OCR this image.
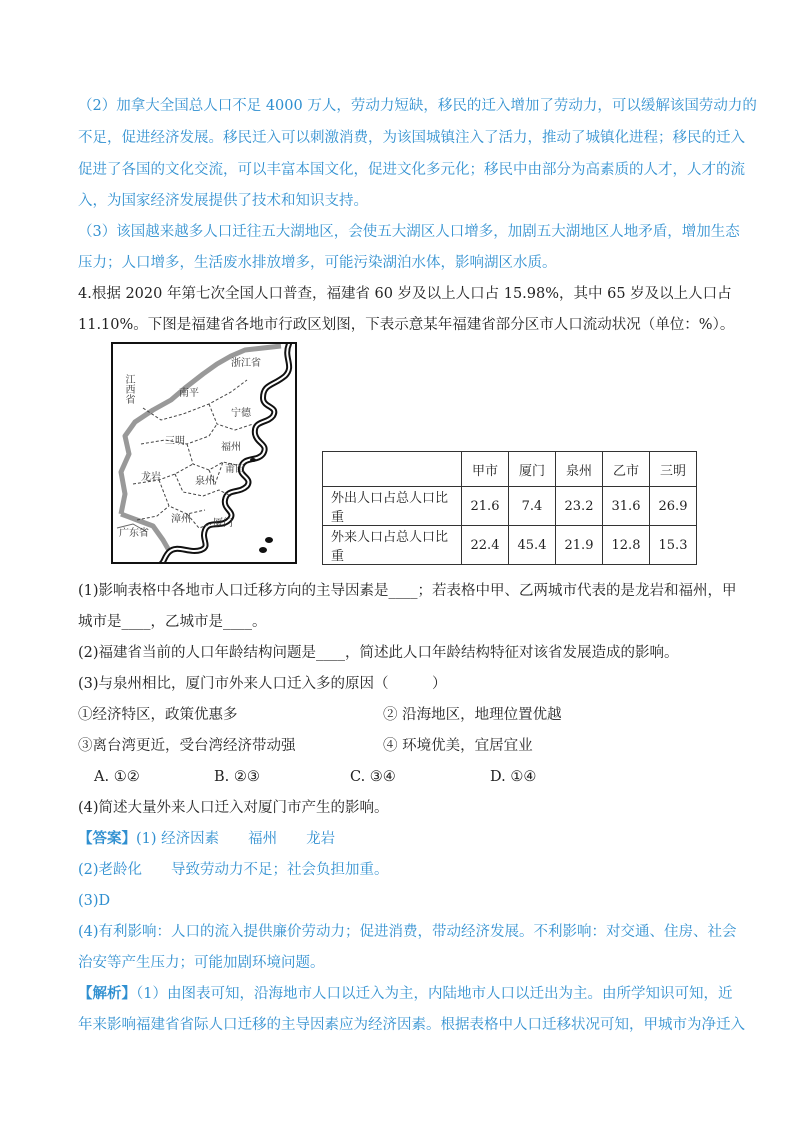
（2）加拿大全国总人口不足 4000 万人，劳动力短缺，移民的迁入增加了劳动力，可以缓解该国劳动力的
不足，促进经济发展。移民迁入可以刺激消费，为该国城镇注入了活力，推动了城镇化进程；移民的迁入
促进了各国的文化交流，可以丰富本国文化，促进文化多元化；移民中由部分为高素质的人才，人才的流
入，为国家经济发展提供了技术和知识支持。
（3）该国越来越多人口迁往五大湖地区，会使五大湖区人口增多，加剧五大湖地区人地矛盾，增加生态
压力；人口增多，生活废水排放增多，可能污染湖泊水体，影响湖区水质。
4.根据 2020 年第七次全国人口普查，福建省 60 岁及以上人口占 15.98%，其中 65 岁及以上人口占
11.10%。下图是福建省各地市行政区划图，下表示意某年福建省部分区市人口流动状况（单位：%）。
浙江省
江西省	南平
宁德
三明
福州
莆田
龙岩	泉州
漳州 厦门
广东省
	甲市	厦门	泉州	乙市	三明
外出人口占总人口比重	21.6	7.4	23.2	31.6	26.9
外来人口占总人口比重	22.4	45.4	21.9	12.8	15.3
(1)影响表格中各地市人口迁移方向的主导因素是____；若表格中甲、乙两城市代表的是龙岩和福州，甲
城市是____，乙城市是____。
(2)福建省当前的人口年龄结构问题是____，简述此人口年龄结构特征对该省发展造成的影响。
(3)与泉州相比，厦门市外来人口迁入多的原因（　　　）
①经济特区，政策优惠多	② 沿海地区，地理位置优越
③离台湾更近，受台湾经济带动强	④ 环境优美，宜居宜业
A. ①②	B. ②③	C. ③④	D. ①④
(4)简述大量外来人口迁入对厦门市产生的影响。
【答案】(1) 经济因素　　福州　　龙岩
(2)老龄化　　导致劳动力不足；社会负担加重。
(3)D
(4)有利影响：人口的流入提供廉价劳动力；促进消费，带动经济发展。不利影响：对交通、住房、社会
治安等产生压力；可能加剧环境问题。
【解析】（1）由图表可知，沿海地市人口以迁入为主，内陆地市人口以迁出为主。由所学知识可知，近
年来影响福建省省际人口迁移的主导因素应为经济因素。根据表格中人口迁移状况可知，甲城市为净迁入
